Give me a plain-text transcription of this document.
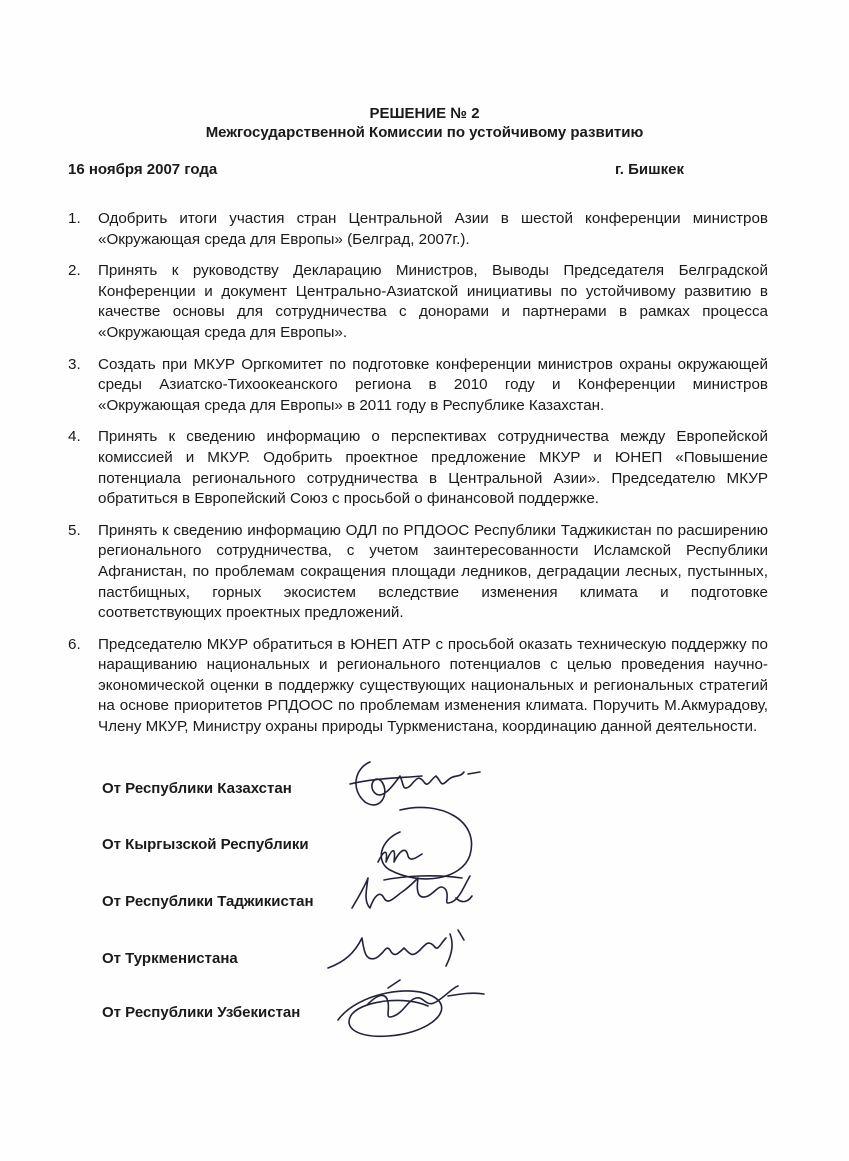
РЕШЕНИЕ № 2
Межгосударственной Комиссии по устойчивому развитию
16 ноября 2007 года	г. Бишкек
1. Одобрить итоги участия стран Центральной Азии в шестой конференции министров «Окружающая среда для Европы» (Белград, 2007г.).
2. Принять к руководству Декларацию Министров, Выводы Председателя Белградской Конференции и документ Центрально-Азиатской инициативы по устойчивому развитию в качестве основы для сотрудничества с донорами и партнерами в рамках процесса «Окружающая среда для Европы».
3. Создать при МКУР Оргкомитет по подготовке конференции министров охраны окружающей среды Азиатско-Тихоокеанского региона в 2010 году и Конференции министров «Окружающая среда для Европы» в 2011 году в Республике Казахстан.
4. Принять к сведению информацию о перспективах сотрудничества между Европейской комиссией и МКУР. Одобрить проектное предложение МКУР и ЮНЕП «Повышение потенциала регионального сотрудничества в Центральной Азии». Председателю МКУР обратиться в Европейский Союз с просьбой о финансовой поддержке.
5. Принять к сведению информацию ОДЛ по РПДООС Республики Таджикистан по расширению регионального сотрудничества, с учетом заинтересованности Исламской Республики Афганистан, по проблемам сокращения площади ледников, деградации лесных, пустынных, пастбищных, горных экосистем вследствие изменения климата и подготовке соответствующих проектных предложений.
6. Председателю МКУР обратиться в ЮНЕП АТР с просьбой оказать техническую поддержку по наращиванию национальных и регионального потенциалов с целью проведения научно-экономической оценки в поддержку существующих национальных и региональных стратегий на основе приоритетов РПДООС по проблемам изменения климата. Поручить М.Акмурадову, Члену МКУР, Министру охраны природы Туркменистана, координацию данной деятельности.
От Республики Казахстан
От Кыргызской Республики
От Республики Таджикистан
От Туркменистана
От Республики Узбекистан
